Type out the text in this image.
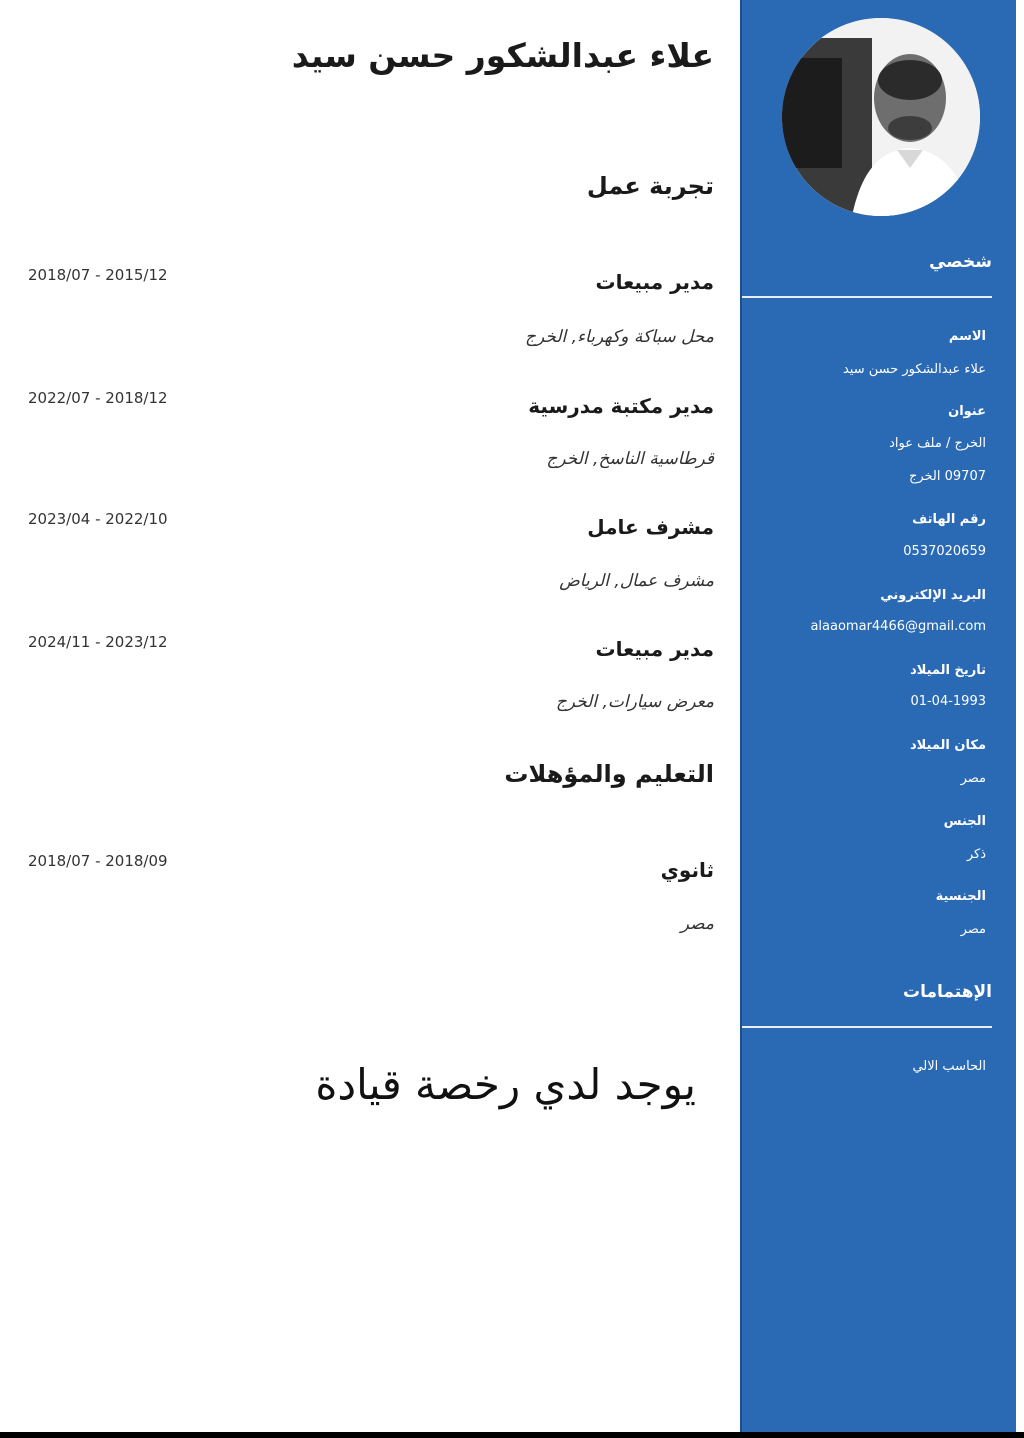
علاء عبدالشكور حسن سيد
تجربة عمل
مدير مبيعات
2018/07 - 2015/12
محل سباكة وكهرباء, الخرج
مدير مكتبة مدرسية
2022/07 - 2018/12
قرطاسية الناسخ, الخرج
مشرف عامل
2023/04 - 2022/10
مشرف عمال, الرياض
مدير مبيعات
2024/11 - 2023/12
معرض سيارات, الخرج
التعليم والمؤهلات
ثانوي
2018/07 - 2018/09
مصر
يوجد لدي رخصة قيادة
شخصي
الاسم
علاء عبدالشكور حسن سيد
عنوان
الخرج / ملف عواد
09707 الخرج
رقم الهاتف
0537020659
البريد الإلكتروني
alaaomar4466@gmail.com
تاريخ الميلاد
01-04-1993
مكان الميلاد
مصر
الجنس
ذكر
الجنسية
مصر
الإهتمامات
الحاسب الالي
